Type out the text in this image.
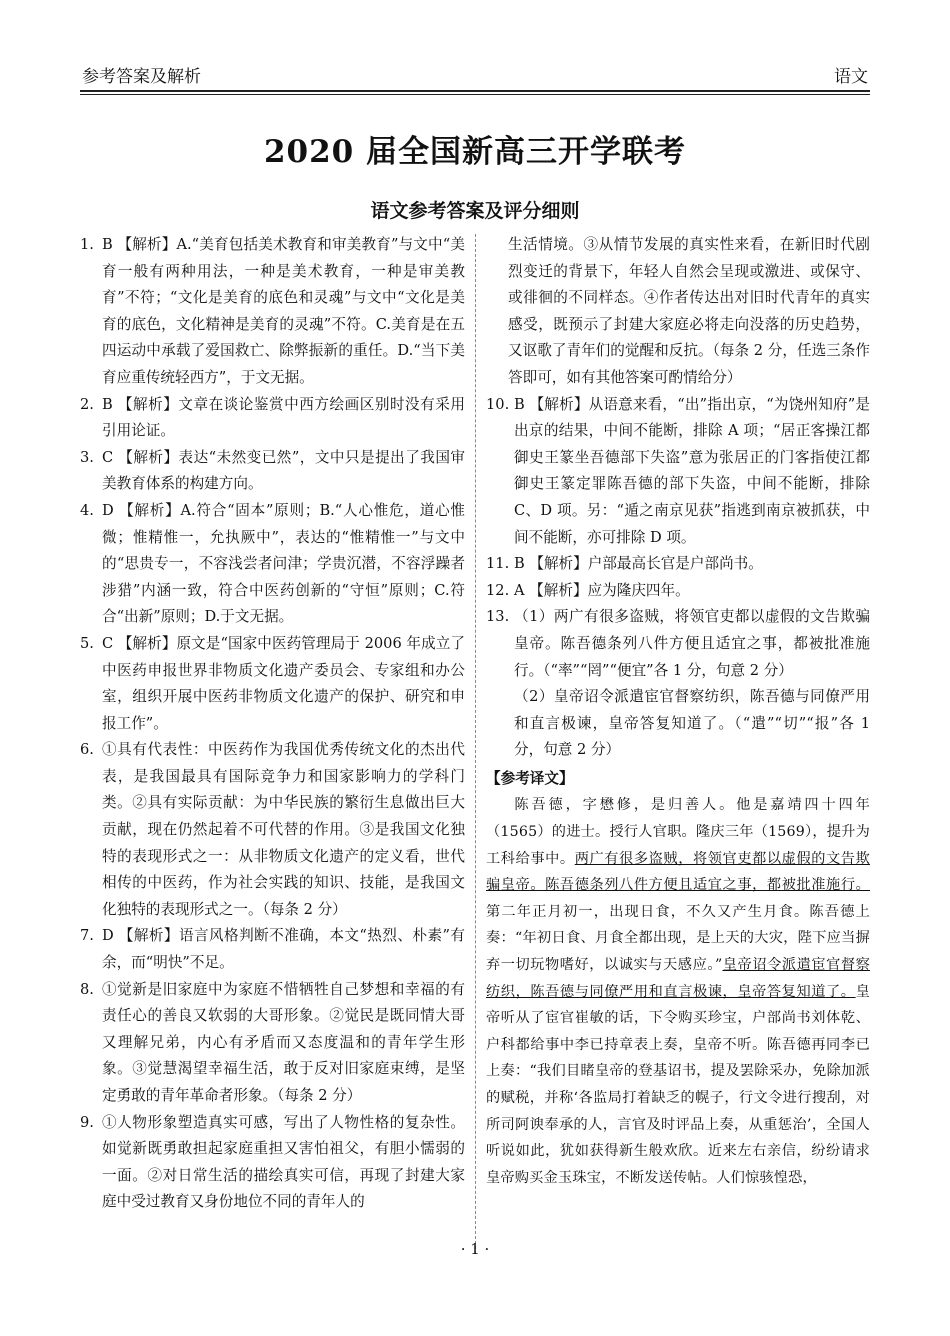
参考答案及解析	语文
2020 届全国新高三开学联考
语文参考答案及评分细则
1. B 【解析】A.“美育包括美术教育和审美教育”与文中“美育一般有两种用法，一种是美术教育，一种是审美教育”不符；“文化是美育的底色和灵魂”与文中“文化是美育的底色，文化精神是美育的灵魂”不符。C.美育是在五四运动中承载了爱国救亡、除弊振新的重任。D.“当下美育应重传统轻西方”，于文无据。
2. B 【解析】文章在谈论鉴赏中西方绘画区别时没有采用引用论证。
3. C 【解析】表达“未然变已然”，文中只是提出了我国审美教育体系的构建方向。
4. D 【解析】A.符合“固本”原则；B.“人心惟危，道心惟微；惟精惟一，允执厥中”，表达的“惟精惟一”与文中的“思贵专一，不容浅尝者问津；学贵沉潜，不容浮躁者涉猎”内涵一致，符合中医药创新的“守恒”原则；C.符合“出新”原则；D.于文无据。
5. C 【解析】原文是“国家中医药管理局于 2006 年成立了中医药申报世界非物质文化遗产委员会、专家组和办公室，组织开展中医药非物质文化遗产的保护、研究和申报工作”。
6. ①具有代表性：中医药作为我国优秀传统文化的杰出代表，是我国最具有国际竞争力和国家影响力的学科门类。②具有实际贡献：为中华民族的繁衍生息做出巨大贡献，现在仍然起着不可代替的作用。③是我国文化独特的表现形式之一：从非物质文化遗产的定义看，世代相传的中医药，作为社会实践的知识、技能，是我国文化独特的表现形式之一。（每条 2 分）
7. D 【解析】语言风格判断不准确，本文“热烈、朴素”有余，而“明快”不足。
8. ①觉新是旧家庭中为家庭不惜牺牲自己梦想和幸福的有责任心的善良又软弱的大哥形象。②觉民是既同情大哥又理解兄弟，内心有矛盾而又态度温和的青年学生形象。③觉慧渴望幸福生活，敢于反对旧家庭束缚，是坚定勇敢的青年革命者形象。（每条 2 分）
9. ①人物形象塑造真实可感，写出了人物性格的复杂性。如觉新既勇敢担起家庭重担又害怕祖父，有胆小懦弱的一面。②对日常生活的描绘真实可信，再现了封建大家庭中受过教育又身份地位不同的青年人的
生活情境。③从情节发展的真实性来看，在新旧时代剧烈变迁的背景下，年轻人自然会呈现或激进、或保守、或徘徊的不同样态。④作者传达出对旧时代青年的真实感受，既预示了封建大家庭必将走向没落的历史趋势，又讴歌了青年们的觉醒和反抗。（每条 2 分，任选三条作答即可，如有其他答案可酌情给分）
10. B 【解析】从语意来看，“出”指出京，“为饶州知府”是出京的结果，中间不能断，排除 A 项；“居正客操江都御史王篆坐吾德部下失盗”意为张居正的门客指使江都御史王篆定罪陈吾德的部下失盗，中间不能断，排除 C、D 项。另：“遁之南京见获”指逃到南京被抓获，中间不能断，亦可排除 D 项。
11. B 【解析】户部最高长官是户部尚书。
12. A 【解析】应为隆庆四年。
13. （1）两广有很多盗贼，将领官吏都以虚假的文告欺骗皇帝。陈吾德条列八件方便且适宜之事，都被批准施行。（“率”“罔”“便宜”各 1 分，句意 2 分）
（2）皇帝诏令派遣宦官督察纺织，陈吾德与同僚严用和直言极谏，皇帝答复知道了。（“遣”“切”“报”各 1 分，句意 2 分）
【参考译文】
陈吾德，字懋修，是归善人。他是嘉靖四十四年（1565）的进士。授行人官职。隆庆三年（1569），提升为工科给事中。两广有很多盗贼，将领官吏都以虚假的文告欺骗皇帝。陈吾德条列八件方便且适宜之事，都被批准施行。第二年正月初一，出现日食，不久又产生月食。陈吾德上奏：“年初日食、月食全都出现，是上天的大灾，陛下应当摒弃一切玩物嗜好，以诚实与天感应。”皇帝诏令派遣宦官督察纺织，陈吾德与同僚严用和直言极谏，皇帝答复知道了。皇帝听从了宦官崔敏的话，下令购买珍宝，户部尚书刘体乾、户科都给事中李已持章表上奏，皇帝不听。陈吾德再同李已上奏：“我们目睹皇帝的登基诏书，提及罢除采办，免除加派的赋税，并称‘各监局打着缺乏的幌子，行文令进行搜刮，对所司阿谀奉承的人，言官及时评品上奏，从重惩治’，全国人听说如此，犹如获得新生般欢欣。近来左右亲信，纷纷请求皇帝购买金玉珠宝，不断发送传帖。人们惊骇惶恐，
· 1 ·
